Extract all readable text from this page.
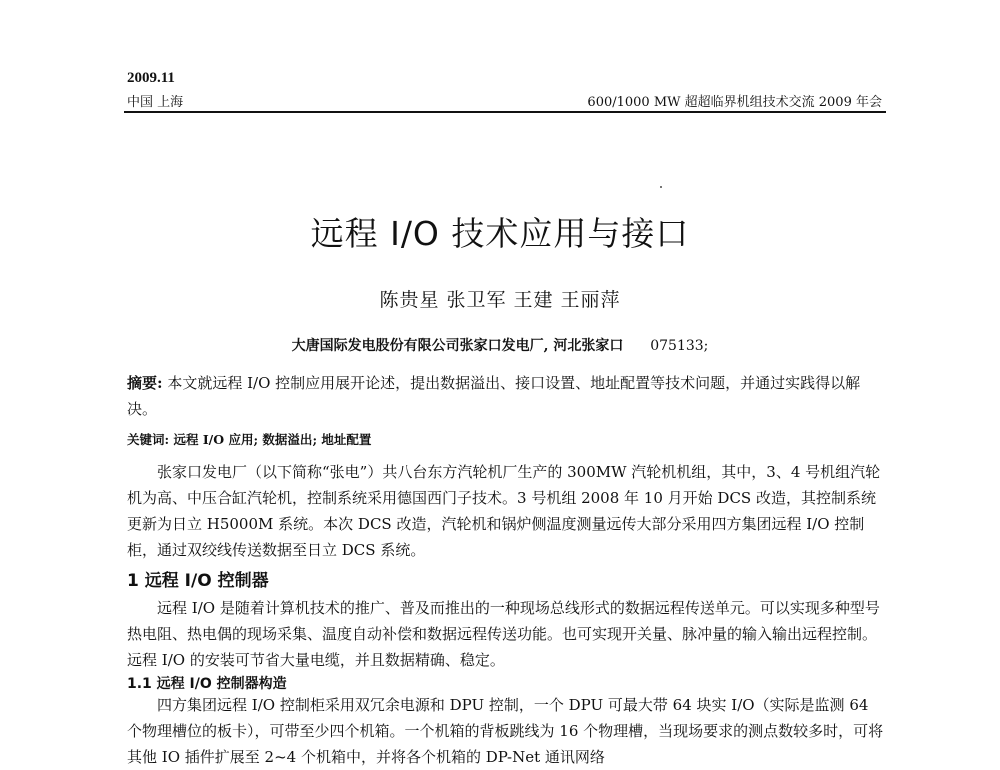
2009.11
中国 上海	600/1000 MW 超超临界机组技术交流 2009 年会
远程 I/O 技术应用与接口
陈贵星 张卫军 王建 王丽萍
大唐国际发电股份有限公司张家口发电厂, 河北张家口 075133;
摘要: 本文就远程 I/O 控制应用展开论述，提出数据溢出、接口设置、地址配置等技术问题，并通过实践得以解决。
关键词: 远程 I/O 应用; 数据溢出; 地址配置

张家口发电厂（以下简称“张电”）共八台东方汽轮机厂生产的 300MW 汽轮机机组，其中，3、4 号机组汽轮机为高、中压合缸汽轮机，控制系统采用德国西门子技术。3 号机组 2008 年 10 月开始 DCS 改造，其控制系统更新为日立 H5000M 系统。本次 DCS 改造，汽轮机和锅炉侧温度测量远传大部分采用四方集团远程 I/O 控制柜，通过双绞线传送数据至日立 DCS 系统。

1 远程 I/O 控制器

远程 I/O 是随着计算机技术的推广、普及而推出的一种现场总线形式的数据远程传送单元。可以实现多种型号热电阻、热电偶的现场采集、温度自动补偿和数据远程传送功能。也可实现开关量、脉冲量的输入输出远程控制。远程 I/O 的安装可节省大量电缆，并且数据精确、稳定。

1.1 远程 I/O 控制器构造

四方集团远程 I/O 控制柜采用双冗余电源和 DPU 控制，一个 DPU 可最大带 64 块实 I/O（实际是监测 64 个物理槽位的板卡），可带至少四个机箱。一个机箱的背板跳线为 16 个物理槽，当现场要求的测点数较多时，可将其他 IO 插件扩展至 2~4 个机箱中，并将各个机箱的 DP-Net 通讯网络
